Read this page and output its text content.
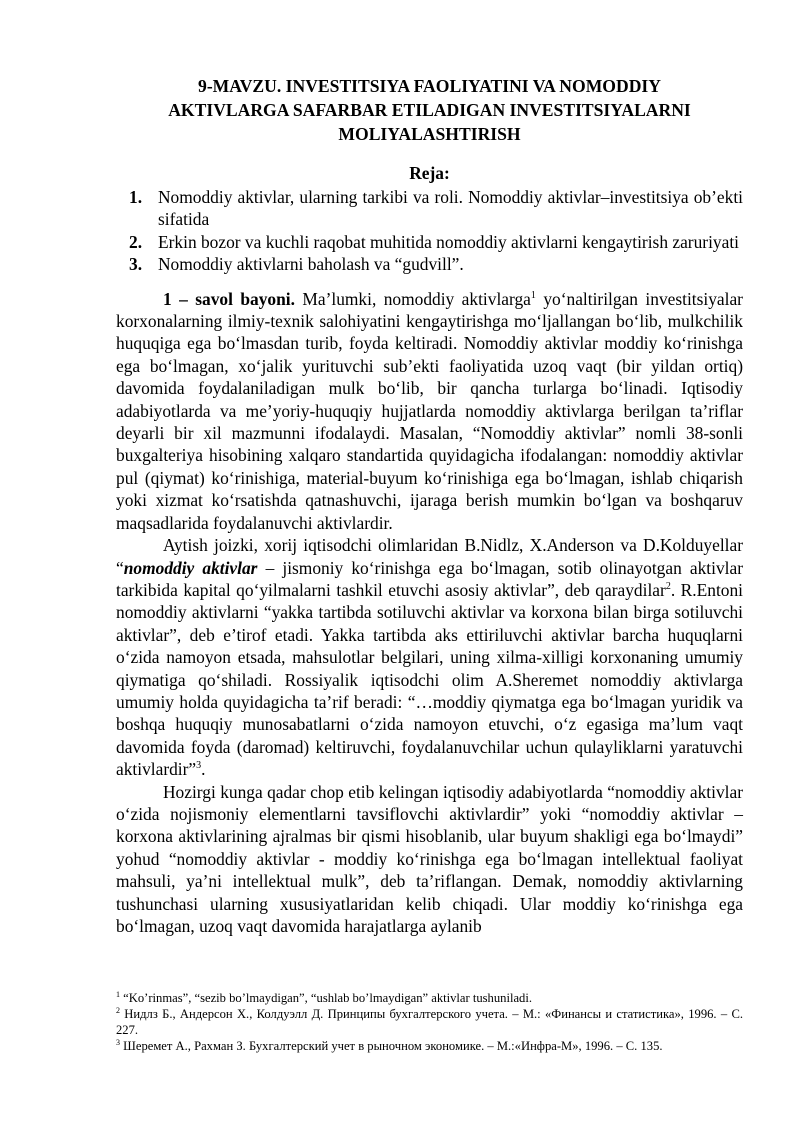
9-MAVZU. INVESTITSIYA FAOLIYATINI VA NOMODDIY
AKTIVLARGA SAFARBAR ETILADIGAN INVESTITSIYALARNI
MOLIYALASHTIRISH
Reja:
1. Nomoddiy aktivlar, ularning tarkibi va roli. Nomoddiy aktivlar–investitsiya ob’ekti sifatida
2. Erkin bozor va kuchli raqobat muhitida nomoddiy aktivlarni kengaytirish zaruriyati
3. Nomoddiy aktivlarni baholash va “gudvill”.

1 – savol bayoni. Ma’lumki, nomoddiy aktivlarga$^1$ yo‘naltirilgan investitsiyalar korxonalarning ilmiy-texnik salohiyatini kengaytirishga mo‘ljallangan bo‘lib, mulkchilik huquqiga ega bo‘lmasdan turib, foyda keltiradi. Nomoddiy aktivlar moddiy ko‘rinishga ega bo‘lmagan, xo‘jalik yurituvchi sub’ekti faoliyatida uzoq vaqt (bir yildan ortiq) davomida foydalaniladigan mulk bo‘lib, bir qancha turlarga bo‘linadi. Iqtisodiy adabiyotlarda va me’yoriy-huquqiy hujjatlarda nomoddiy aktivlarga berilgan ta’riflar deyarli bir xil mazmunni ifodalaydi. Masalan, “Nomoddiy aktivlar” nomli 38-sonli buxgalteriya hisobining xalqaro standartida quyidagicha ifodalangan: nomoddiy aktivlar pul (qiymat) ko‘rinishiga, material-buyum ko‘rinishiga ega bo‘lmagan, ishlab chiqarish yoki xizmat ko‘rsatishda qatnashuvchi, ijaraga berish mumkin bo‘lgan va boshqaruv maqsadlarida foydalanuvchi aktivlardir.

Aytish joizki, xorij iqtisodchi olimlaridan B.Nidlz, X.Anderson va D.Kolduyellar “nomoddiy aktivlar – jismoniy ko‘rinishga ega bo‘lmagan, sotib olinayotgan aktivlar tarkibida kapital qo‘yilmalarni tashkil etuvchi asosiy aktivlar”, deb qaraydilar$^2$. R.Entoni nomoddiy aktivlarni “yakka tartibda sotiluvchi aktivlar va korxona bilan birga sotiluvchi aktivlar”, deb e’tirof etadi. Yakka tartibda aks ettiriluvchi aktivlar barcha huquqlarni o‘zida namoyon etsada, mahsulotlar belgilari, uning xilma-xilligi korxonaning umumiy qiymatiga qo‘shiladi. Rossiyalik iqtisodchi olim A.Sheremet nomoddiy aktivlarga umumiy holda quyidagicha ta’rif beradi: “…moddiy qiymatga ega bo‘lmagan yuridik va boshqa huquqiy munosabatlarni o‘zida namoyon etuvchi, o‘z egasiga ma’lum vaqt davomida foyda (daromad) keltiruvchi, foydalanuvchilar uchun qulayliklarni yaratuvchi aktivlardir”$^3$.

Hozirgi kunga qadar chop etib kelingan iqtisodiy adabiyotlarda “nomoddiy aktivlar o‘zida nojismoniy elementlarni tavsiflovchi aktivlardir” yoki “nomoddiy aktivlar – korxona aktivlarining ajralmas bir qismi hisoblanib, ular buyum shakligi ega bo‘lmaydi” yohud “nomoddiy aktivlar - moddiy ko‘rinishga ega bo‘lmagan intellektual faoliyat mahsuli, ya’ni intellektual mulk”, deb ta’riflangan. Demak, nomoddiy aktivlarning tushunchasi ularning xususiyatlaridan kelib chiqadi. Ular moddiy ko‘rinishga ega bo‘lmagan, uzoq vaqt davomida harajatlarga aylanib

$^1$ “Ko’rinmas”, “sezib bo’lmaydigan”, “ushlab bo’lmaydigan” aktivlar tushuniladi.
$^2$ Нидлз Б., Андерсон Х., Колдуэлл Д. Принципы бухгалтерского учета. – М.: «Финансы и статистика», 1996. – С. 227.
$^3$ Шеремет А., Рахман З. Бухгалтерский учет в рыночном экономике. – М.:«Инфра-М», 1996. – С. 135.
